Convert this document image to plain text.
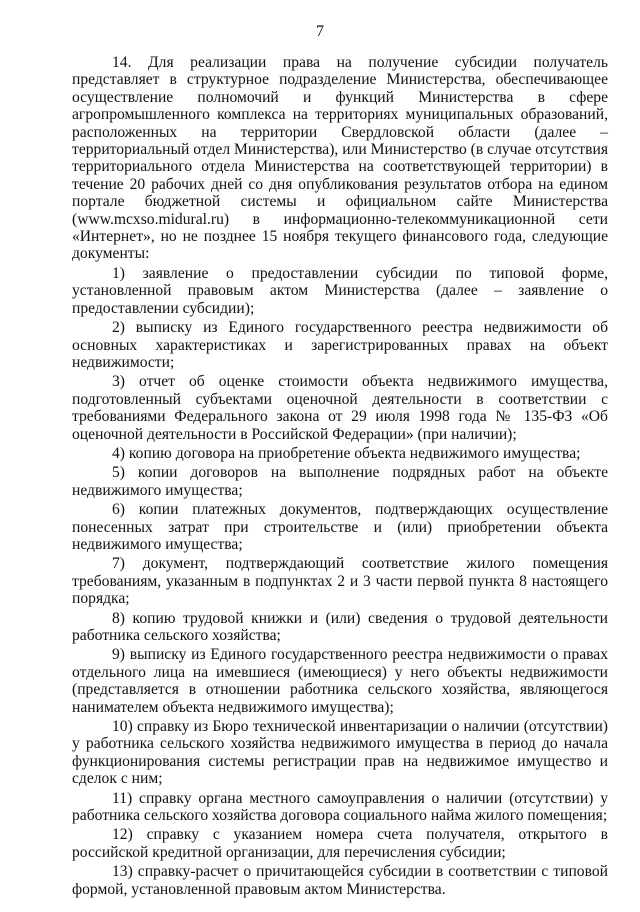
7

14. Для реализации права на получение субсидии получатель представляет в структурное подразделение Министерства, обеспечивающее осуществление полномочий и функций Министерства в сфере агропромышленного комплекса на территориях муниципальных образований, расположенных на территории Свердловской области (далее – территориальный отдел Министерства), или Министерство (в случае отсутствия территориального отдела Министерства на соответствующей территории) в течение 20 рабочих дней со дня опубликования результатов отбора на едином портале бюджетной системы и официальном сайте Министерства (www.mcxso.midural.ru) в информационно-телекоммуникационной сети «Интернет», но не позднее 15 ноября текущего финансового года, следующие документы:

1) заявление о предоставлении субсидии по типовой форме, установленной правовым актом Министерства (далее – заявление о предоставлении субсидии);

2) выписку из Единого государственного реестра недвижимости об основных характеристиках и зарегистрированных правах на объект недвижимости;

3) отчет об оценке стоимости объекта недвижимого имущества, подготовленный субъектами оценочной деятельности в соответствии с требованиями Федерального закона от 29 июля 1998 года № 135-ФЗ «Об оценочной деятельности в Российской Федерации» (при наличии);

4) копию договора на приобретение объекта недвижимого имущества;

5) копии договоров на выполнение подрядных работ на объекте недвижимого имущества;

6) копии платежных документов, подтверждающих осуществление понесенных затрат при строительстве и (или) приобретении объекта недвижимого имущества;

7) документ, подтверждающий соответствие жилого помещения требованиям, указанным в подпунктах 2 и 3 части первой пункта 8 настоящего порядка;

8) копию трудовой книжки и (или) сведения о трудовой деятельности работника сельского хозяйства;

9) выписку из Единого государственного реестра недвижимости о правах отдельного лица на имевшиеся (имеющиеся) у него объекты недвижимости (представляется в отношении работника сельского хозяйства, являющегося нанимателем объекта недвижимого имущества);

10) справку из Бюро технической инвентаризации о наличии (отсутствии) у работника сельского хозяйства недвижимого имущества в период до начала функционирования системы регистрации прав на недвижимое имущество и сделок с ним;

11) справку органа местного самоуправления о наличии (отсутствии) у работника сельского хозяйства договора социального найма жилого помещения;

12) справку с указанием номера счета получателя, открытого в российской кредитной организации, для перечисления субсидии;

13) справку-расчет о причитающейся субсидии в соответствии с типовой формой, установленной правовым актом Министерства.
